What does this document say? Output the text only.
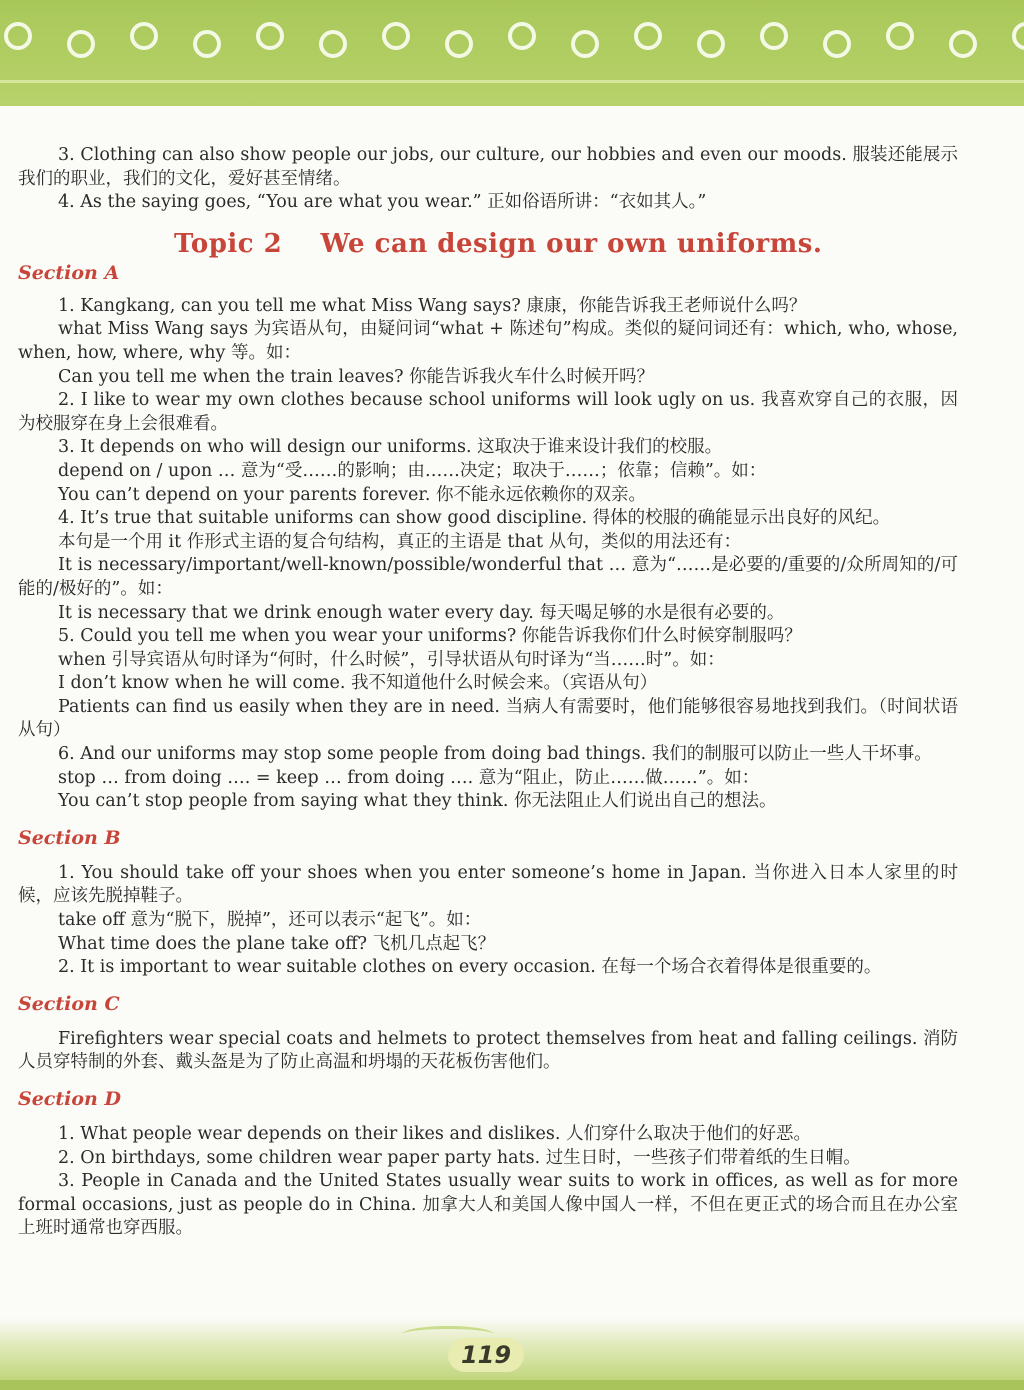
3. Clothing can also show people our jobs, our culture, our hobbies and even our moods. 服装还能展示我们的职业，我们的文化，爱好甚至情绪。

4. As the saying goes, “You are what you wear.” 正如俗语所讲：“衣如其人。”

Topic 2 We can design our own uniforms.
Section A

1. Kangkang, can you tell me what Miss Wang says? 康康，你能告诉我王老师说什么吗？

what Miss Wang says 为宾语从句，由疑问词“what + 陈述句”构成。类似的疑问词还有：which, who, whose, when, how, where, why 等。如：

Can you tell me when the train leaves? 你能告诉我火车什么时候开吗？

2. I like to wear my own clothes because school uniforms will look ugly on us. 我喜欢穿自己的衣服，因为校服穿在身上会很难看。

3. It depends on who will design our uniforms. 这取决于谁来设计我们的校服。

depend on / upon … 意为“受……的影响；由……决定；取决于……；依靠；信赖”。如：

You can’t depend on your parents forever. 你不能永远依赖你的双亲。

4. It’s true that suitable uniforms can show good discipline. 得体的校服的确能显示出良好的风纪。

本句是一个用 it 作形式主语的复合句结构，真正的主语是 that 从句，类似的用法还有：

It is necessary/important/well-known/possible/wonderful that … 意为“……是必要的/重要的/众所周知的/可能的/极好的”。如：

It is necessary that we drink enough water every day. 每天喝足够的水是很有必要的。

5. Could you tell me when you wear your uniforms? 你能告诉我你们什么时候穿制服吗？

when 引导宾语从句时译为“何时，什么时候”，引导状语从句时译为“当……时”。如：

I don’t know when he will come. 我不知道他什么时候会来。（宾语从句）

Patients can find us easily when they are in need. 当病人有需要时，他们能够很容易地找到我们。（时间状语从句）

6. And our uniforms may stop some people from doing bad things. 我们的制服可以防止一些人干坏事。

stop … from doing …. = keep … from doing …. 意为“阻止，防止……做……”。如：

You can’t stop people from saying what they think. 你无法阻止人们说出自己的想法。

Section B

1. You should take off your shoes when you enter someone’s home in Japan. 当你进入日本人家里的时候，应该先脱掉鞋子。

take off 意为“脱下，脱掉”，还可以表示“起飞”。如：

What time does the plane take off? 飞机几点起飞？

2. It is important to wear suitable clothes on every occasion. 在每一个场合衣着得体是很重要的。

Section C

Firefighters wear special coats and helmets to protect themselves from heat and falling ceilings. 消防人员穿特制的外套、戴头盔是为了防止高温和坍塌的天花板伤害他们。

Section D

1. What people wear depends on their likes and dislikes. 人们穿什么取决于他们的好恶。

2. On birthdays, some children wear paper party hats. 过生日时，一些孩子们带着纸的生日帽。

3. People in Canada and the United States usually wear suits to work in offices, as well as for more formal occasions, just as people do in China. 加拿大人和美国人像中国人一样，不但在更正式的场合而且在办公室上班时通常也穿西服。

119
